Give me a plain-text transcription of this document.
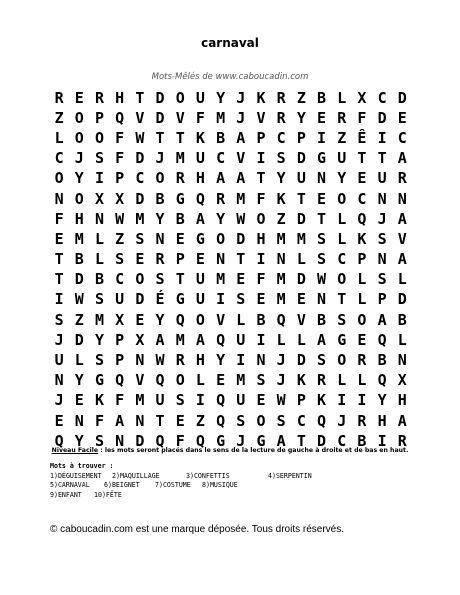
carnaval
Mots-Mêlés de www.caboucadin.com
R E R H T D O U Y J K R Z B L X C D
Z O P Q V D V F M J V R Y E R F D E
L O O F W T T K B A P C P I Z Ê I C
C J S F D J M U C V I S D G U T T A
O Y I P C O R H A A T Y U N Y E U R
N O X X D B G Q R M F K T E O C N N
F H N W M Y B A Y W O Z D T L Q J A
E M L Z S N E G O D H M M S L K S V
T B L S E R P E N T I N L S C P N A
T D B C O S T U M E F M D W O L S L
I W S U D É G U I S E M E N T L P D
S Z M X E Y Q O V L B Q V B S O A B
J D Y P X A M A Q U I L L A G E Q L
U L S P N W R H Y I N J D S O R B N
N Y G Q V Q O L E M S J K R L L Q X
J E K F M U S I Q U E W P K I I Y H
E N F A N T E Z Q S O S C Q J R H A
Q Y S N D Q F Q G J G A T D C B I R
Niveau Facile : les mots seront placés dans le sens de la lecture de gauche à droite et de bas en haut.
Mots à trouver :
1)DÉGUISEMENT	2)MAQUILLAGE	3)CONFETTIS	4)SERPENTIN
5)CARNAVAL	6)BEIGNET	7)COSTUME	8)MUSIQUE
9)ENFANT	10)FÊTE
© caboucadin.com est une marque déposée. Tous droits réservés.
